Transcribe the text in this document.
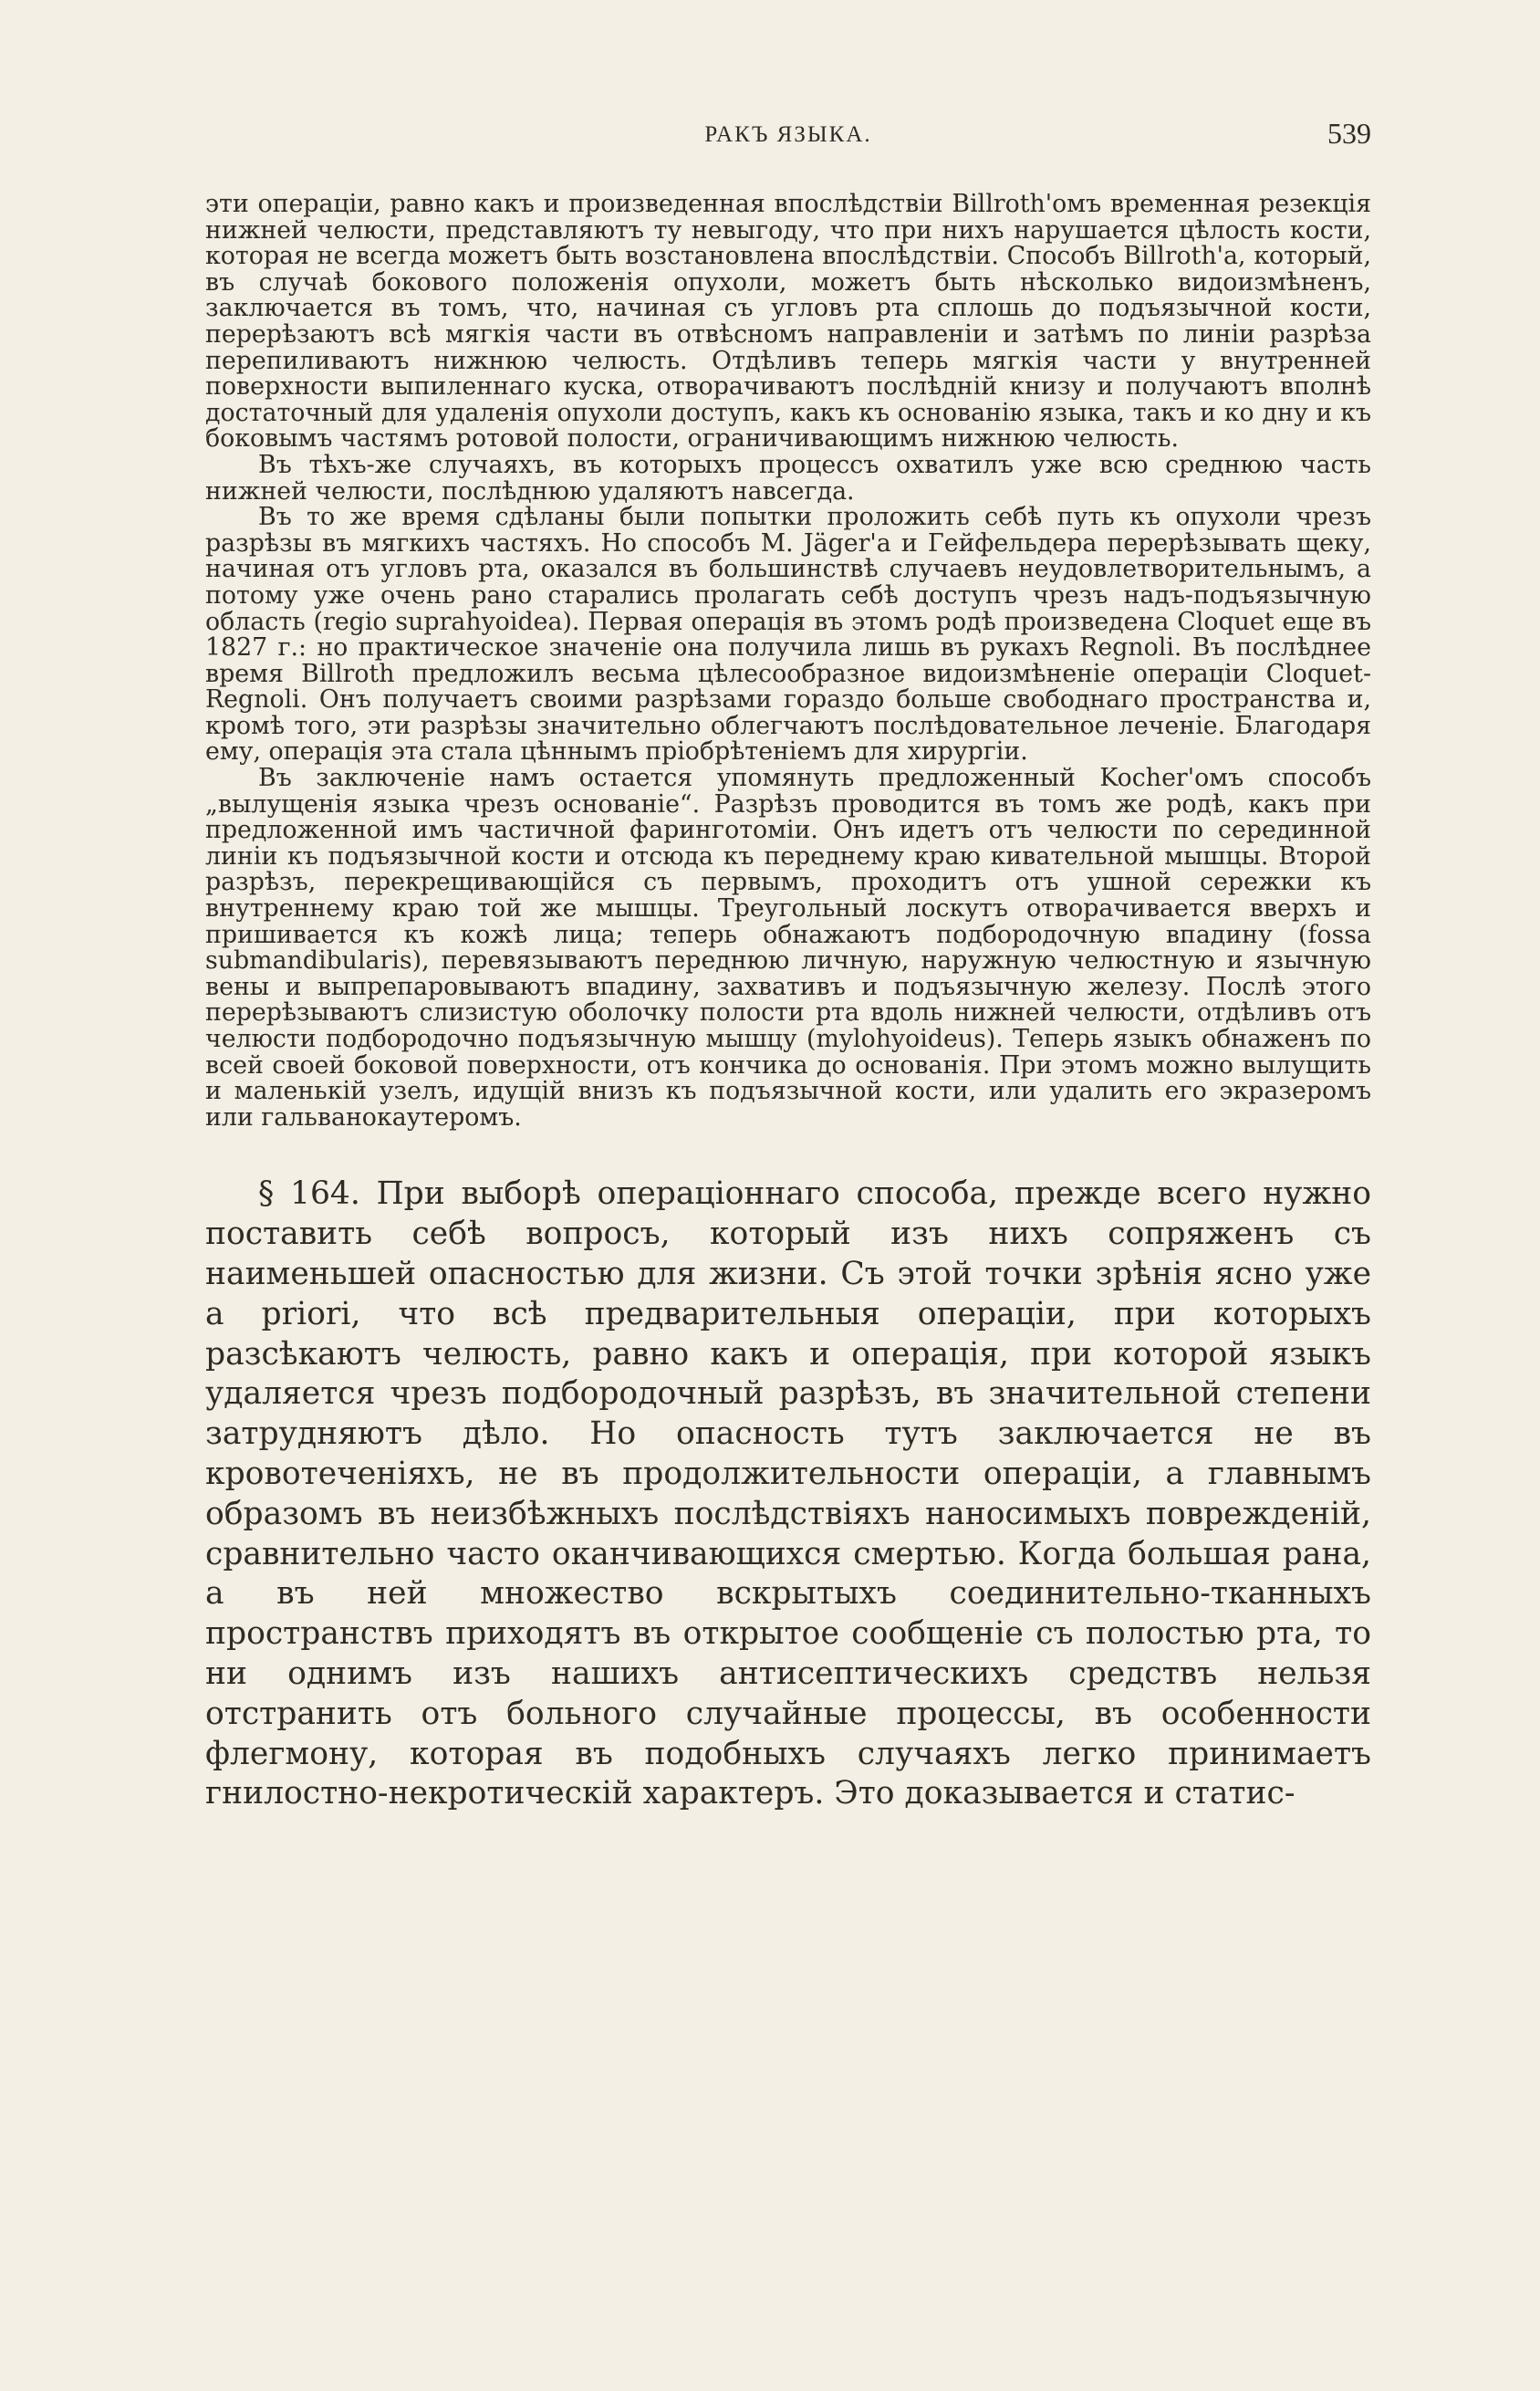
РАКЪ ЯЗЫКА.	539

эти операціи, равно какъ и произведенная впослѣдствіи Billroth'омъ временная резекція нижней челюсти, представляютъ ту невыгоду, что при нихъ нарушается цѣлость кости, которая не всегда можетъ быть возстановлена впослѣдствіи. Способъ Billroth'а, который, въ случаѣ бокового положенія опухоли, можетъ быть нѣсколько видоизмѣненъ, заключается въ томъ, что, начиная съ угловъ рта сплошь до подъязычной кости, перерѣзаютъ всѣ мягкія части въ отвѣсномъ направленіи и затѣмъ по линіи разрѣза перепиливаютъ нижнюю челюсть. Отдѣливъ теперь мягкія части у внутренней поверхности выпиленнаго куска, отворачиваютъ послѣдній книзу и получаютъ вполнѣ достаточный для удаленія опухоли доступъ, какъ къ основанію языка, такъ и ко дну и къ боковымъ частямъ ротовой полости, ограничивающимъ нижнюю челюсть.

Въ тѣхъ-же случаяхъ, въ которыхъ процессъ охватилъ уже всю среднюю часть нижней челюсти, послѣднюю удаляютъ навсегда.

Въ то же время сдѣланы были попытки проложить себѣ путь къ опухоли чрезъ разрѣзы въ мягкихъ частяхъ. Но способъ M. Jäger'а и Гейфельдера перерѣзывать щеку, начиная отъ угловъ рта, оказался въ большинствѣ случаевъ неудовлетворительнымъ, а потому уже очень рано старались пролагать себѣ доступъ чрезъ надъ-подъязычную область (regio suprahyoidea). Первая операція въ этомъ родѣ произведена Cloquet еще въ 1827 г.: но практическое значеніе она получила лишь въ рукахъ Regnoli. Въ послѣднее время Billroth предложилъ весьма цѣлесообразное видоизмѣненіе операціи Cloquet-Regnoli. Онъ получаетъ своими разрѣзами гораздо больше свободнаго пространства и, кромѣ того, эти разрѣзы значительно облегчаютъ послѣдовательное леченіе. Благодаря ему, операція эта стала цѣннымъ пріобрѣтеніемъ для хирургіи.

Въ заключеніе намъ остается упомянуть предложенный Kocher'омъ способъ „вылущенія языка чрезъ основаніе“. Разрѣзъ проводится въ томъ же родѣ, какъ при предложенной имъ частичной фаринготоміи. Онъ идетъ отъ челюсти по серединной линіи къ подъязычной кости и отсюда къ переднему краю кивательной мышцы. Второй разрѣзъ, перекрещивающійся съ первымъ, проходитъ отъ ушной сережки къ внутреннему краю той же мышцы. Треугольный лоскутъ отворачивается вверхъ и пришивается къ кожѣ лица; теперь обнажаютъ подбородочную впадину (fossa submandibularis), перевязываютъ переднюю личную, наружную челюстную и язычную вены и выпрепаровываютъ впадину, захвативъ и подъязычную железу. Послѣ этого перерѣзываютъ слизистую оболочку полости рта вдоль нижней челюсти, отдѣливъ отъ челюсти подбородочно подъязычную мышцу (mylohyoideus). Теперь языкъ обнаженъ по всей своей боковой поверхности, отъ кончика до основанія. При этомъ можно вылущить и маленькій узелъ, идущій внизъ къ подъязычной кости, или удалить его экразеромъ или гальванокаутеромъ.

§ 164. При выборѣ операціоннаго способа, прежде всего нужно поставить себѣ вопросъ, который изъ нихъ сопряженъ съ наименьшей опасностью для жизни. Съ этой точки зрѣнія ясно уже a priori, что всѣ предварительныя операціи, при которыхъ разсѣкаютъ челюсть, равно какъ и операція, при которой языкъ удаляется чрезъ подбородочный разрѣзъ, въ значительной степени затрудняютъ дѣло. Но опасность тутъ заключается не въ кровотеченіяхъ, не въ продолжительности операціи, а главнымъ образомъ въ неизбѣжныхъ послѣдствіяхъ наносимыхъ поврежденій, сравнительно часто оканчивающихся смертью. Когда большая рана, а въ ней множество вскрытыхъ соединительно-тканныхъ пространствъ приходятъ въ открытое сообщеніе съ полостью рта, то ни однимъ изъ нашихъ антисептическихъ средствъ нельзя отстранить отъ больного случайные процессы, въ особенности флегмону, которая въ подобныхъ случаяхъ легко принимаетъ гнилостно-некротическій характеръ. Это доказывается и статис-
